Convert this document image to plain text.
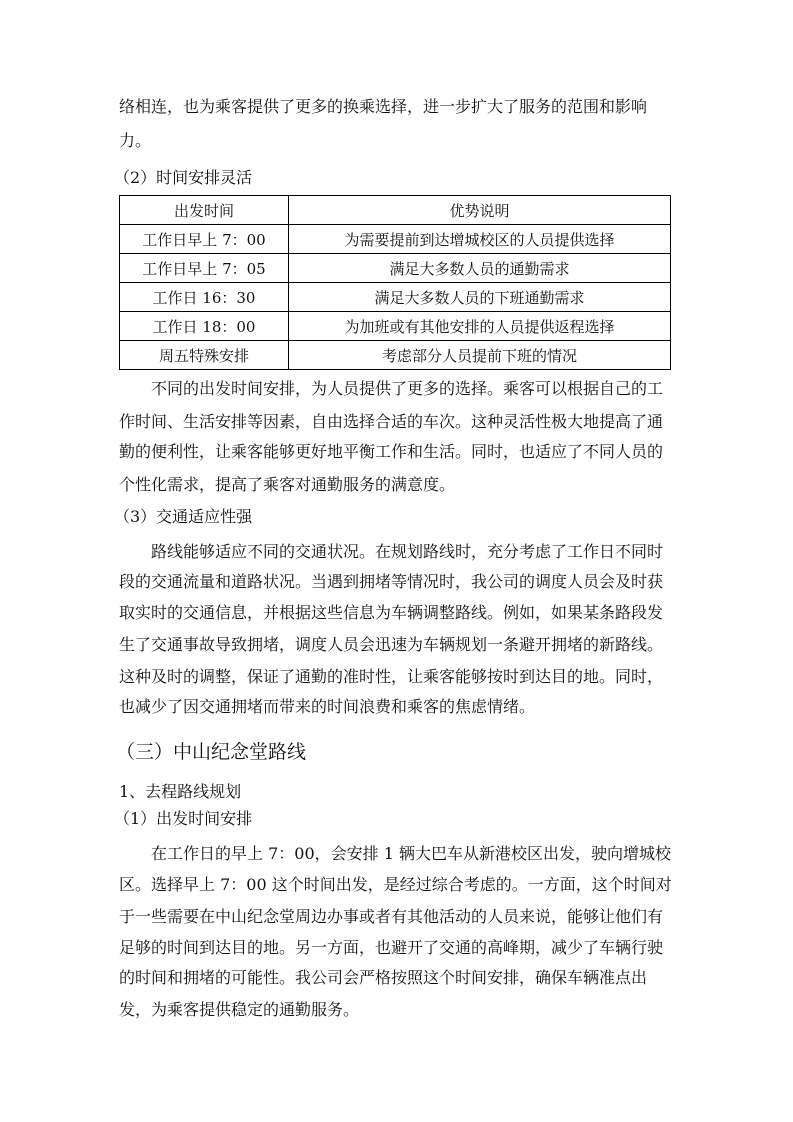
络相连，也为乘客提供了更多的换乘选择，进一步扩大了服务的范围和影响
力。
（2）时间安排灵活
出发时间	优势说明
工作日早上 7：00	为需要提前到达增城校区的人员提供选择
工作日早上 7：05	满足大多数人员的通勤需求
工作日 16：30	满足大多数人员的下班通勤需求
工作日 18：00	为加班或有其他安排的人员提供返程选择
周五特殊安排	考虑部分人员提前下班的情况
不同的出发时间安排，为人员提供了更多的选择。乘客可以根据自己的工
作时间、生活安排等因素，自由选择合适的车次。这种灵活性极大地提高了通
勤的便利性，让乘客能够更好地平衡工作和生活。同时，也适应了不同人员的
个性化需求，提高了乘客对通勤服务的满意度。
（3）交通适应性强
路线能够适应不同的交通状况。在规划路线时，充分考虑了工作日不同时
段的交通流量和道路状况。当遇到拥堵等情况时，我公司的调度人员会及时获
取实时的交通信息，并根据这些信息为车辆调整路线。例如，如果某条路段发
生了交通事故导致拥堵，调度人员会迅速为车辆规划一条避开拥堵的新路线。
这种及时的调整，保证了通勤的准时性，让乘客能够按时到达目的地。同时，
也减少了因交通拥堵而带来的时间浪费和乘客的焦虑情绪。
（三）中山纪念堂路线
1、去程路线规划
（1）出发时间安排
在工作日的早上 7：00，会安排 1 辆大巴车从新港校区出发，驶向增城校
区。选择早上 7：00 这个时间出发，是经过综合考虑的。一方面，这个时间对
于一些需要在中山纪念堂周边办事或者有其他活动的人员来说，能够让他们有
足够的时间到达目的地。另一方面，也避开了交通的高峰期，减少了车辆行驶
的时间和拥堵的可能性。我公司会严格按照这个时间安排，确保车辆准点出
发，为乘客提供稳定的通勤服务。
